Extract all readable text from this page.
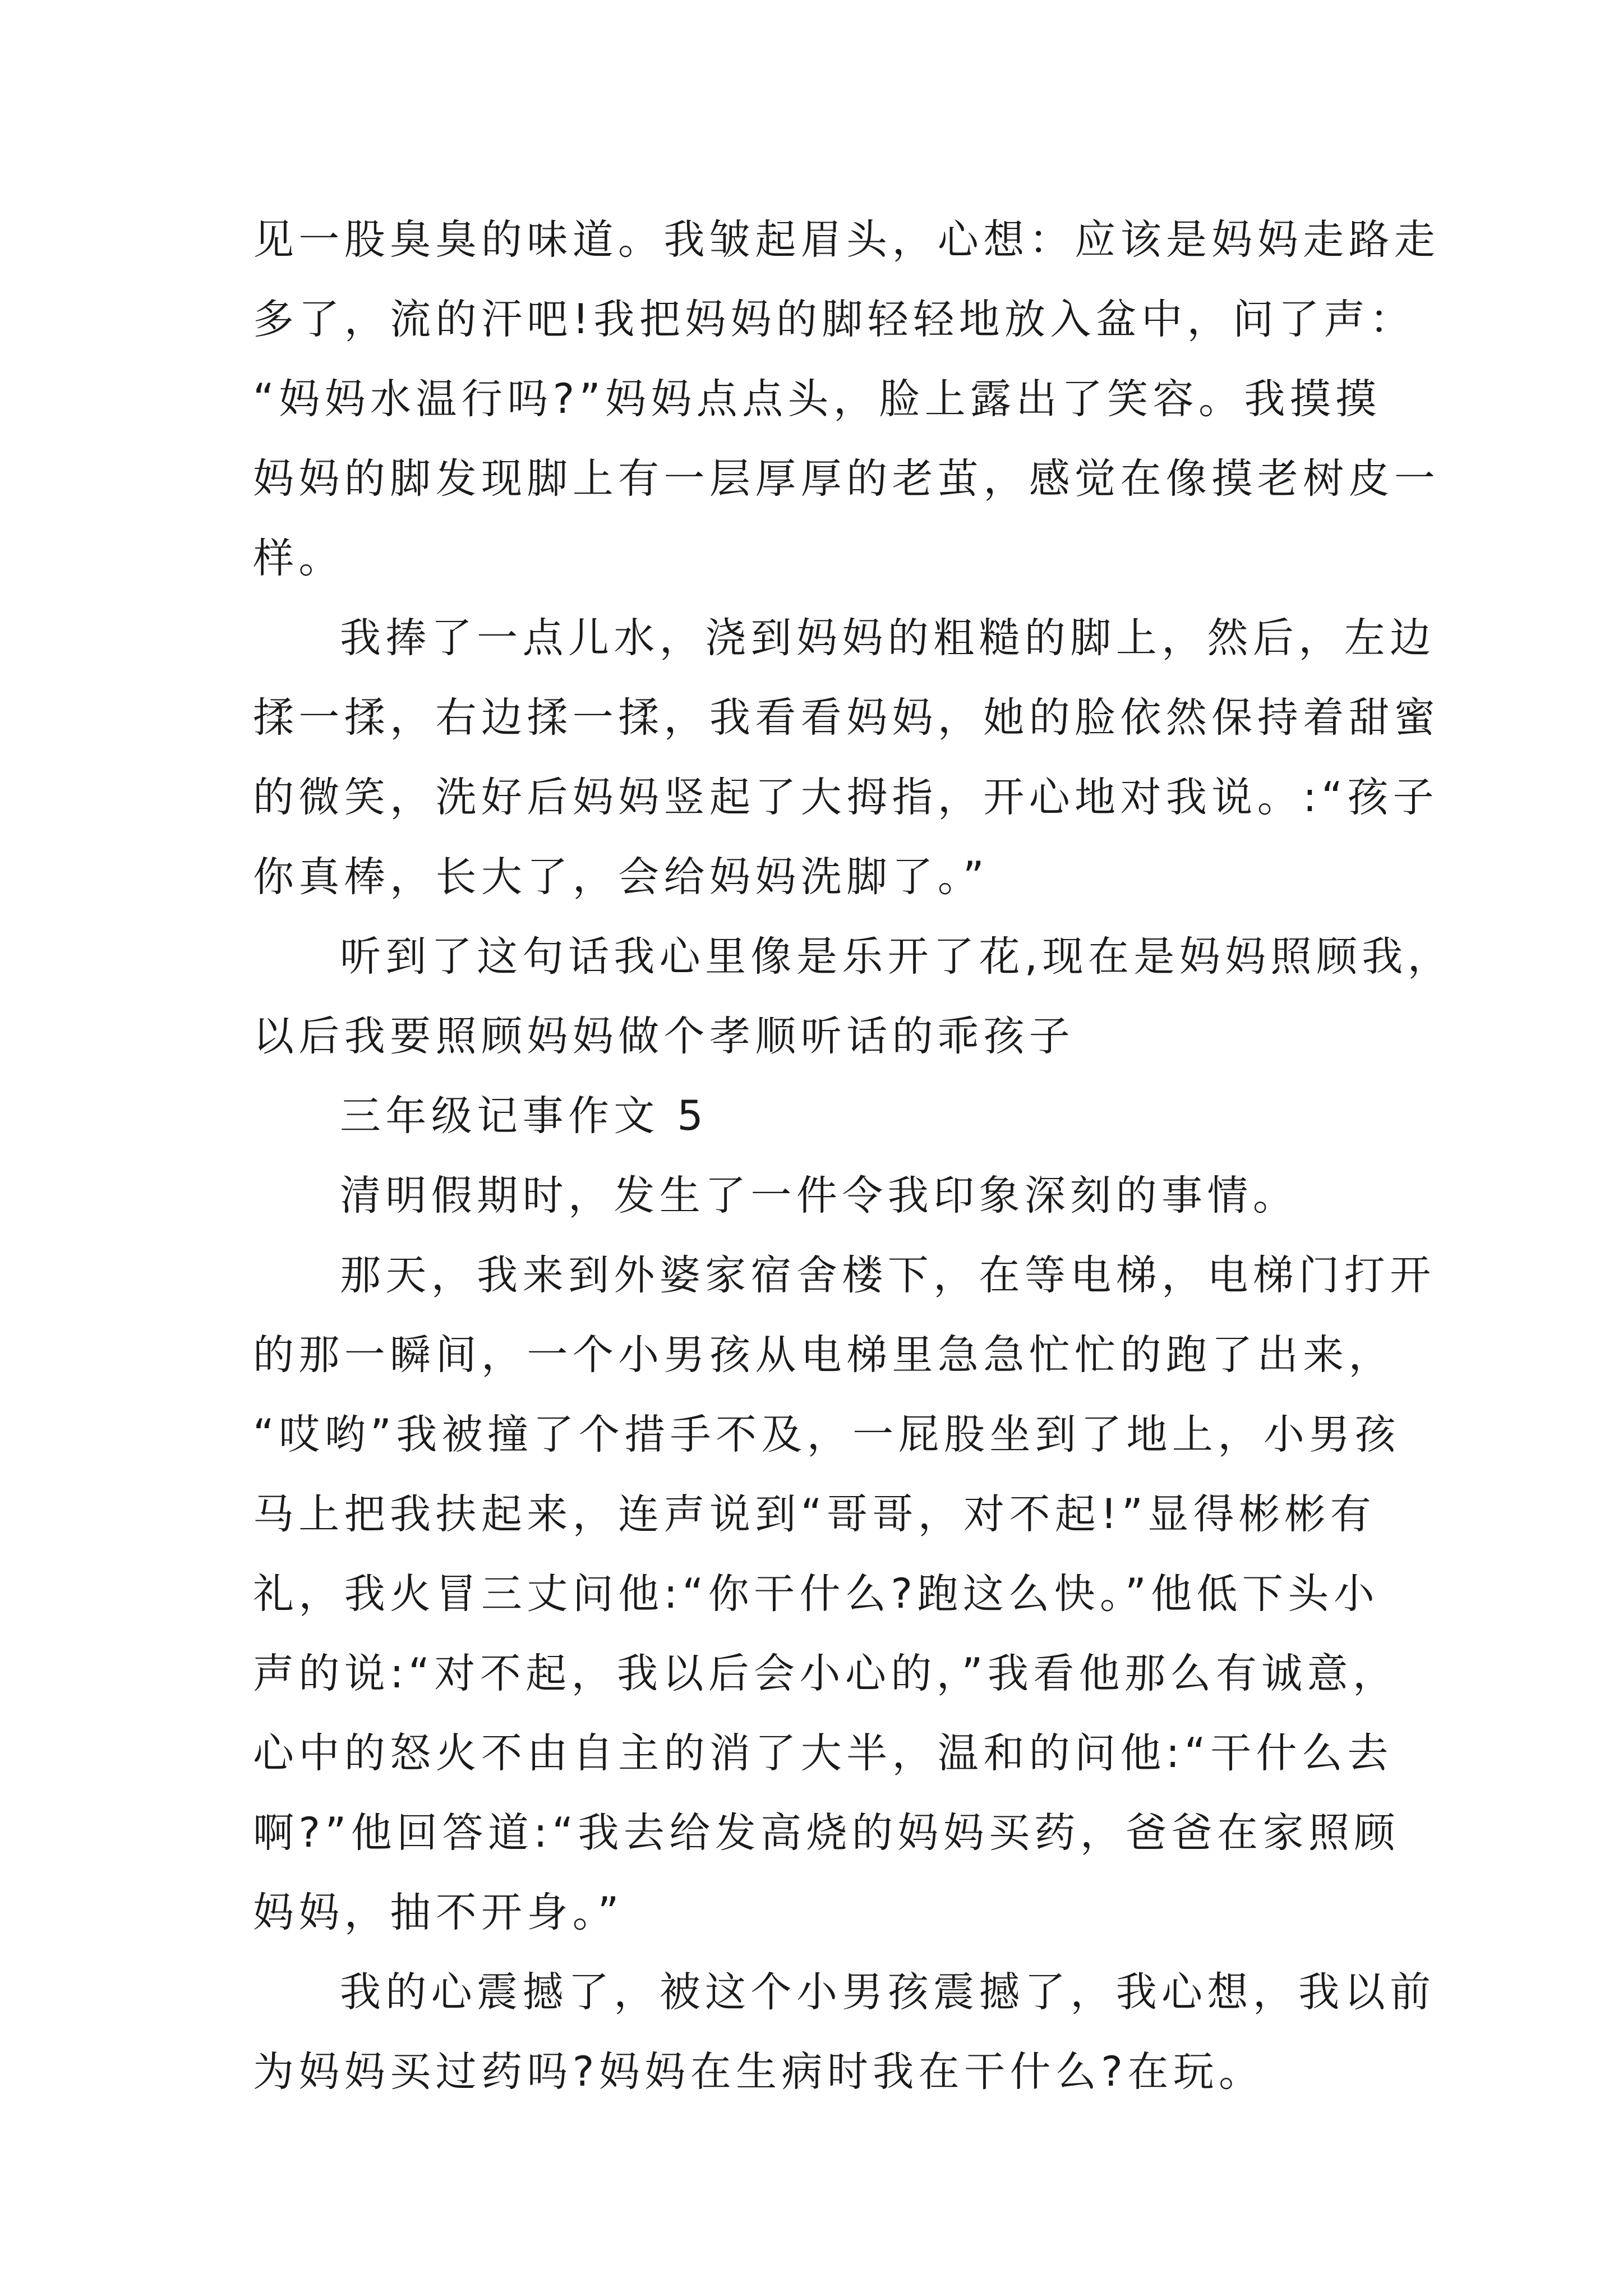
见一股臭臭的味道。我皱起眉头，心想：应该是妈妈走路走
多了，流的汗吧!我把妈妈的脚轻轻地放入盆中，问了声：
“妈妈水温行吗?”妈妈点点头，脸上露出了笑容。我摸摸
妈妈的脚发现脚上有一层厚厚的老茧，感觉在像摸老树皮一
样。
我捧了一点儿水，浇到妈妈的粗糙的脚上，然后，左边
揉一揉，右边揉一揉，我看看妈妈，她的脸依然保持着甜蜜
的微笑，洗好后妈妈竖起了大拇指，开心地对我说。:“孩子
你真棒，长大了，会给妈妈洗脚了。”
听到了这句话我心里像是乐开了花,现在是妈妈照顾我，
以后我要照顾妈妈做个孝顺听话的乖孩子
三年级记事作文 5
清明假期时，发生了一件令我印象深刻的事情。
那天，我来到外婆家宿舍楼下，在等电梯，电梯门打开
的那一瞬间，一个小男孩从电梯里急急忙忙的跑了出来，
“哎哟”我被撞了个措手不及，一屁股坐到了地上，小男孩
马上把我扶起来，连声说到“哥哥，对不起!”显得彬彬有
礼，我火冒三丈问他:“你干什么?跑这么快。”他低下头小
声的说:“对不起，我以后会小心的，”我看他那么有诚意，
心中的怒火不由自主的消了大半，温和的问他:“干什么去
啊?”他回答道:“我去给发高烧的妈妈买药，爸爸在家照顾
妈妈，抽不开身。”
我的心震撼了，被这个小男孩震撼了，我心想，我以前
为妈妈买过药吗?妈妈在生病时我在干什么?在玩。
